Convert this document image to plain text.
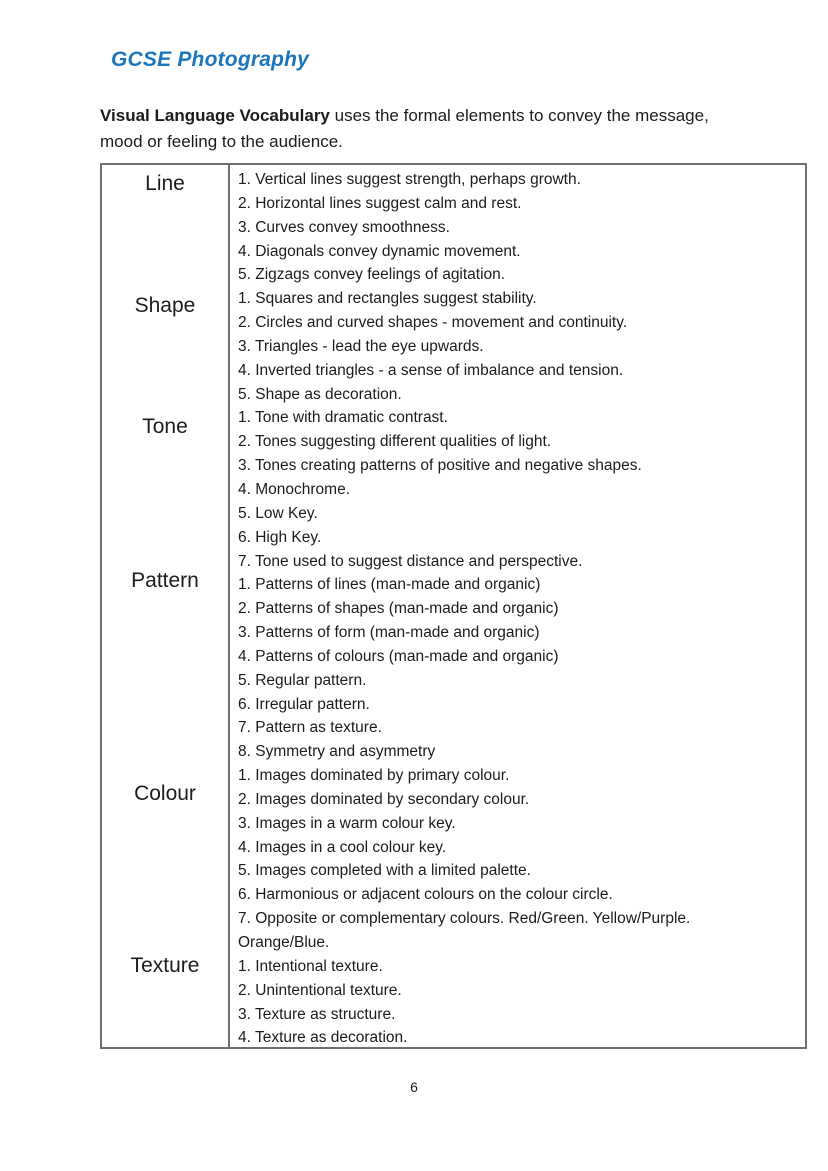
GCSE Photography
Visual Language Vocabulary uses the formal elements to convey the message,
mood or feeling to the audience.
Line
Shape
Tone
Pattern
Colour
Texture
1. Vertical lines suggest strength, perhaps growth.
2. Horizontal lines suggest calm and rest.
3. Curves convey smoothness.
4. Diagonals convey dynamic movement.
5. Zigzags convey feelings of agitation.
1. Squares and rectangles suggest stability.
2. Circles and curved shapes - movement and continuity.
3. Triangles - lead the eye upwards.
4. Inverted triangles - a sense of imbalance and tension.
5. Shape as decoration.
1. Tone with dramatic contrast.
2. Tones suggesting different qualities of light.
3. Tones creating patterns of positive and negative shapes.
4. Monochrome.
5. Low Key.
6. High Key.
7. Tone used to suggest distance and perspective.
1. Patterns of lines (man-made and organic)
2. Patterns of shapes (man-made and organic)
3. Patterns of form (man-made and organic)
4. Patterns of colours (man-made and organic)
5. Regular pattern.
6. Irregular pattern.
7. Pattern as texture.
8. Symmetry and asymmetry
1. Images dominated by primary colour.
2. Images dominated by secondary colour.
3. Images in a warm colour key.
4. Images in a cool colour key.
5. Images completed with a limited palette.
6. Harmonious or adjacent colours on the colour circle.
7. Opposite or complementary colours. Red/Green. Yellow/Purple.
Orange/Blue.
1. Intentional texture.
2. Unintentional texture.
3. Texture as structure.
4. Texture as decoration.
6
